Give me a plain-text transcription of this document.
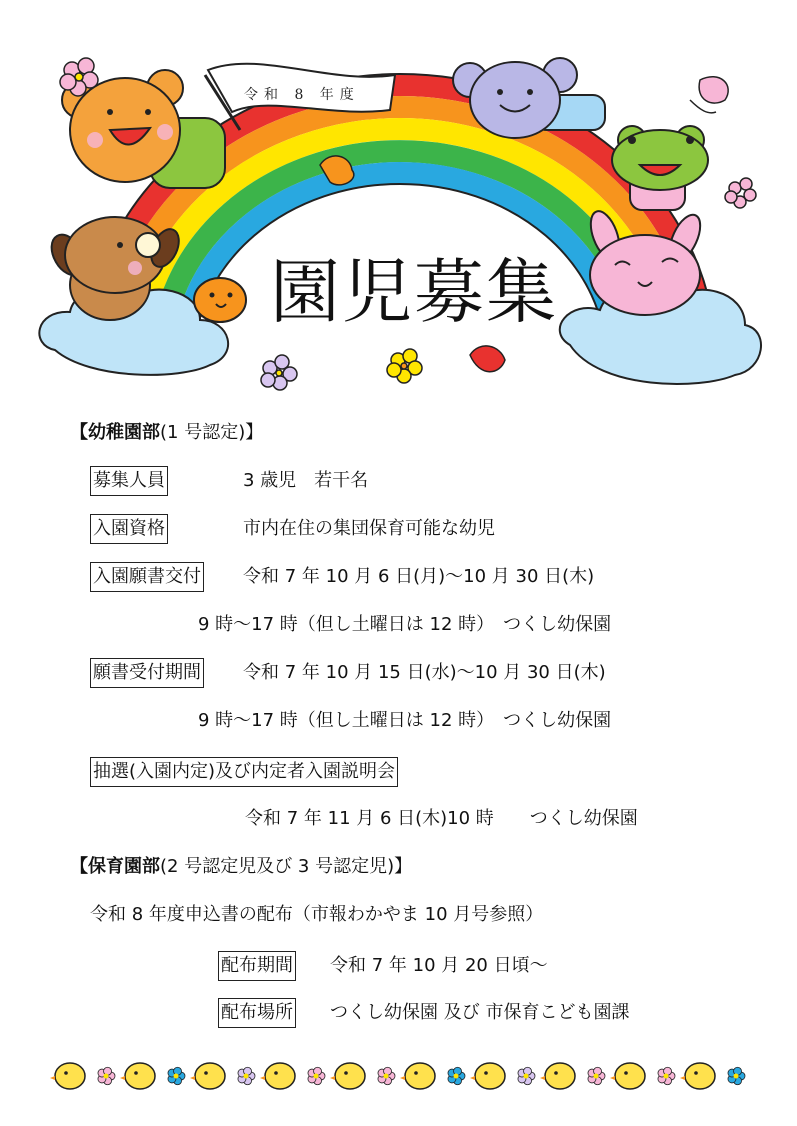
令和 8 年度
園児募集
【幼稚園部(1 号認定)】
募集人員	3 歳児　若干名
入園資格	市内在住の集団保育可能な幼児
入園願書交付 令和 7 年 10 月 6 日(月)～10 月 30 日(木)
9 時～17 時（但し土曜日は 12 時）　つくし幼保園
願書受付期間 令和 7 年 10 月 15 日(水)～10 月 30 日(木)
9 時～17 時（但し土曜日は 12 時）　つくし幼保園
抽選(入園内定)及び内定者入園説明会
令和 7 年 11 月 6 日(木)10 時　　つくし幼保園
【保育園部(2 号認定児及び 3 号認定児)】
令和 8 年度申込書の配布（市報わかやま 10 月号参照）
配布期間 令和 7 年 10 月 20 日頃～
配布場所 つくし幼保園 及び 市保育こども園課
